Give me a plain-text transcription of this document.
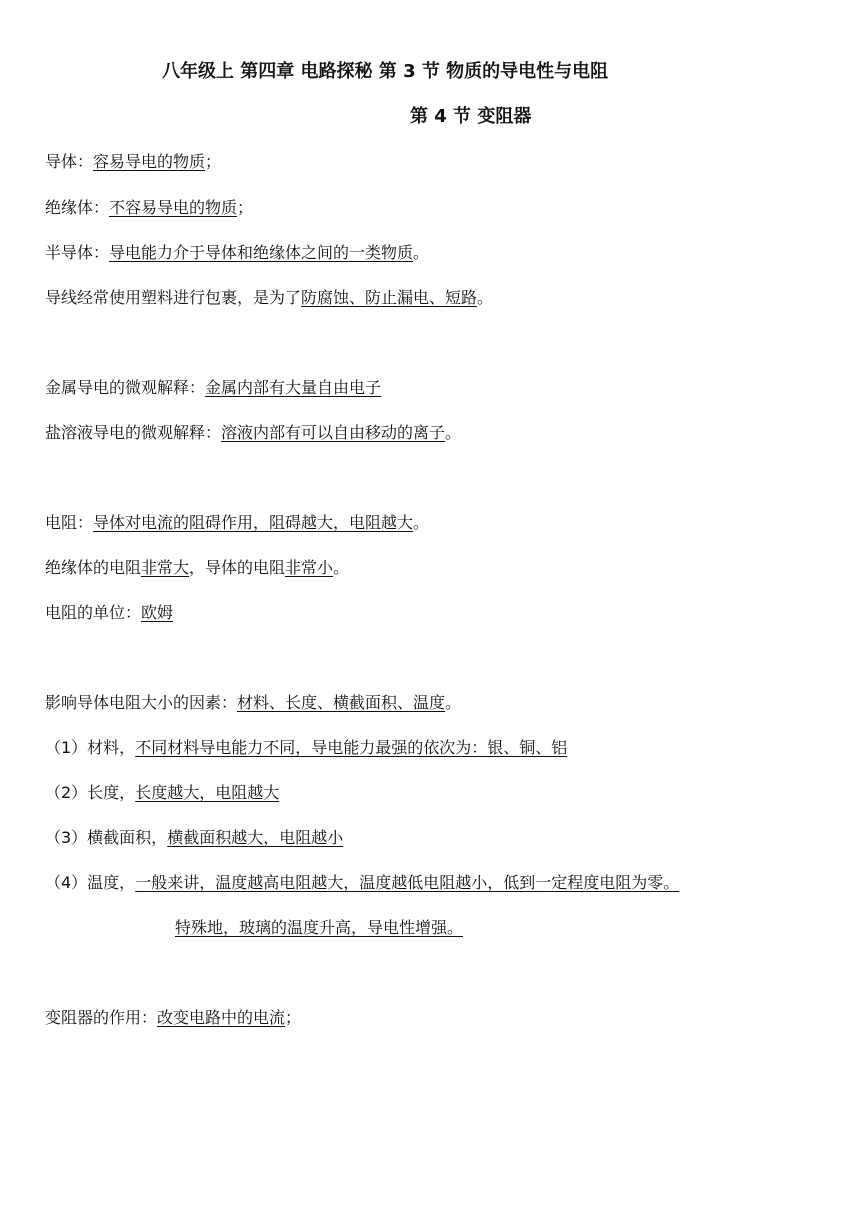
八年级上 第四章 电路探秘 第 3 节 物质的导电性与电阻
第 4 节 变阻器
导体：容易导电的物质；
绝缘体：不容易导电的物质；
半导体：导电能力介于导体和绝缘体之间的一类物质。
导线经常使用塑料进行包裹，是为了防腐蚀、防止漏电、短路。
金属导电的微观解释：金属内部有大量自由电子
盐溶液导电的微观解释：溶液内部有可以自由移动的离子。
电阻：导体对电流的阻碍作用，阻碍越大，电阻越大。
绝缘体的电阻非常大，导体的电阻非常小。
电阻的单位：欧姆
影响导体电阻大小的因素：材料、长度、横截面积、温度。
（1）材料，不同材料导电能力不同，导电能力最强的依次为：银、铜、铝
（2）长度，长度越大，电阻越大
（3）横截面积，横截面积越大，电阻越小
（4）温度，一般来讲，温度越高电阻越大，温度越低电阻越小，低到一定程度电阻为零。
特殊地，玻璃的温度升高，导电性增强。
变阻器的作用：改变电路中的电流；
